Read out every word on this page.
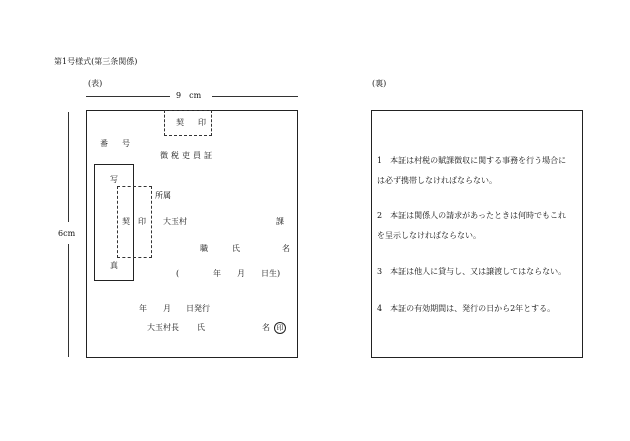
第1号様式(第三条関係)
(表)
9　cm
6cm
契　印
番　号
徴税吏員証
写
真
契 印
所属
大玉村	課
職	氏	名
(	年 月 日生)
年 月 日発行
大玉村長 氏	名 印
(裏)
1　本証は村税の賦課徴収に関する事務を行う場合に
は必ず携帯しなければならない。
2　本証は関係人の請求があったときは何時でもこれ
を呈示しなければならない。
3　本証は他人に貸与し、又は譲渡してはならない。
4　本証の有効期間は、発行の日から2年とする。
